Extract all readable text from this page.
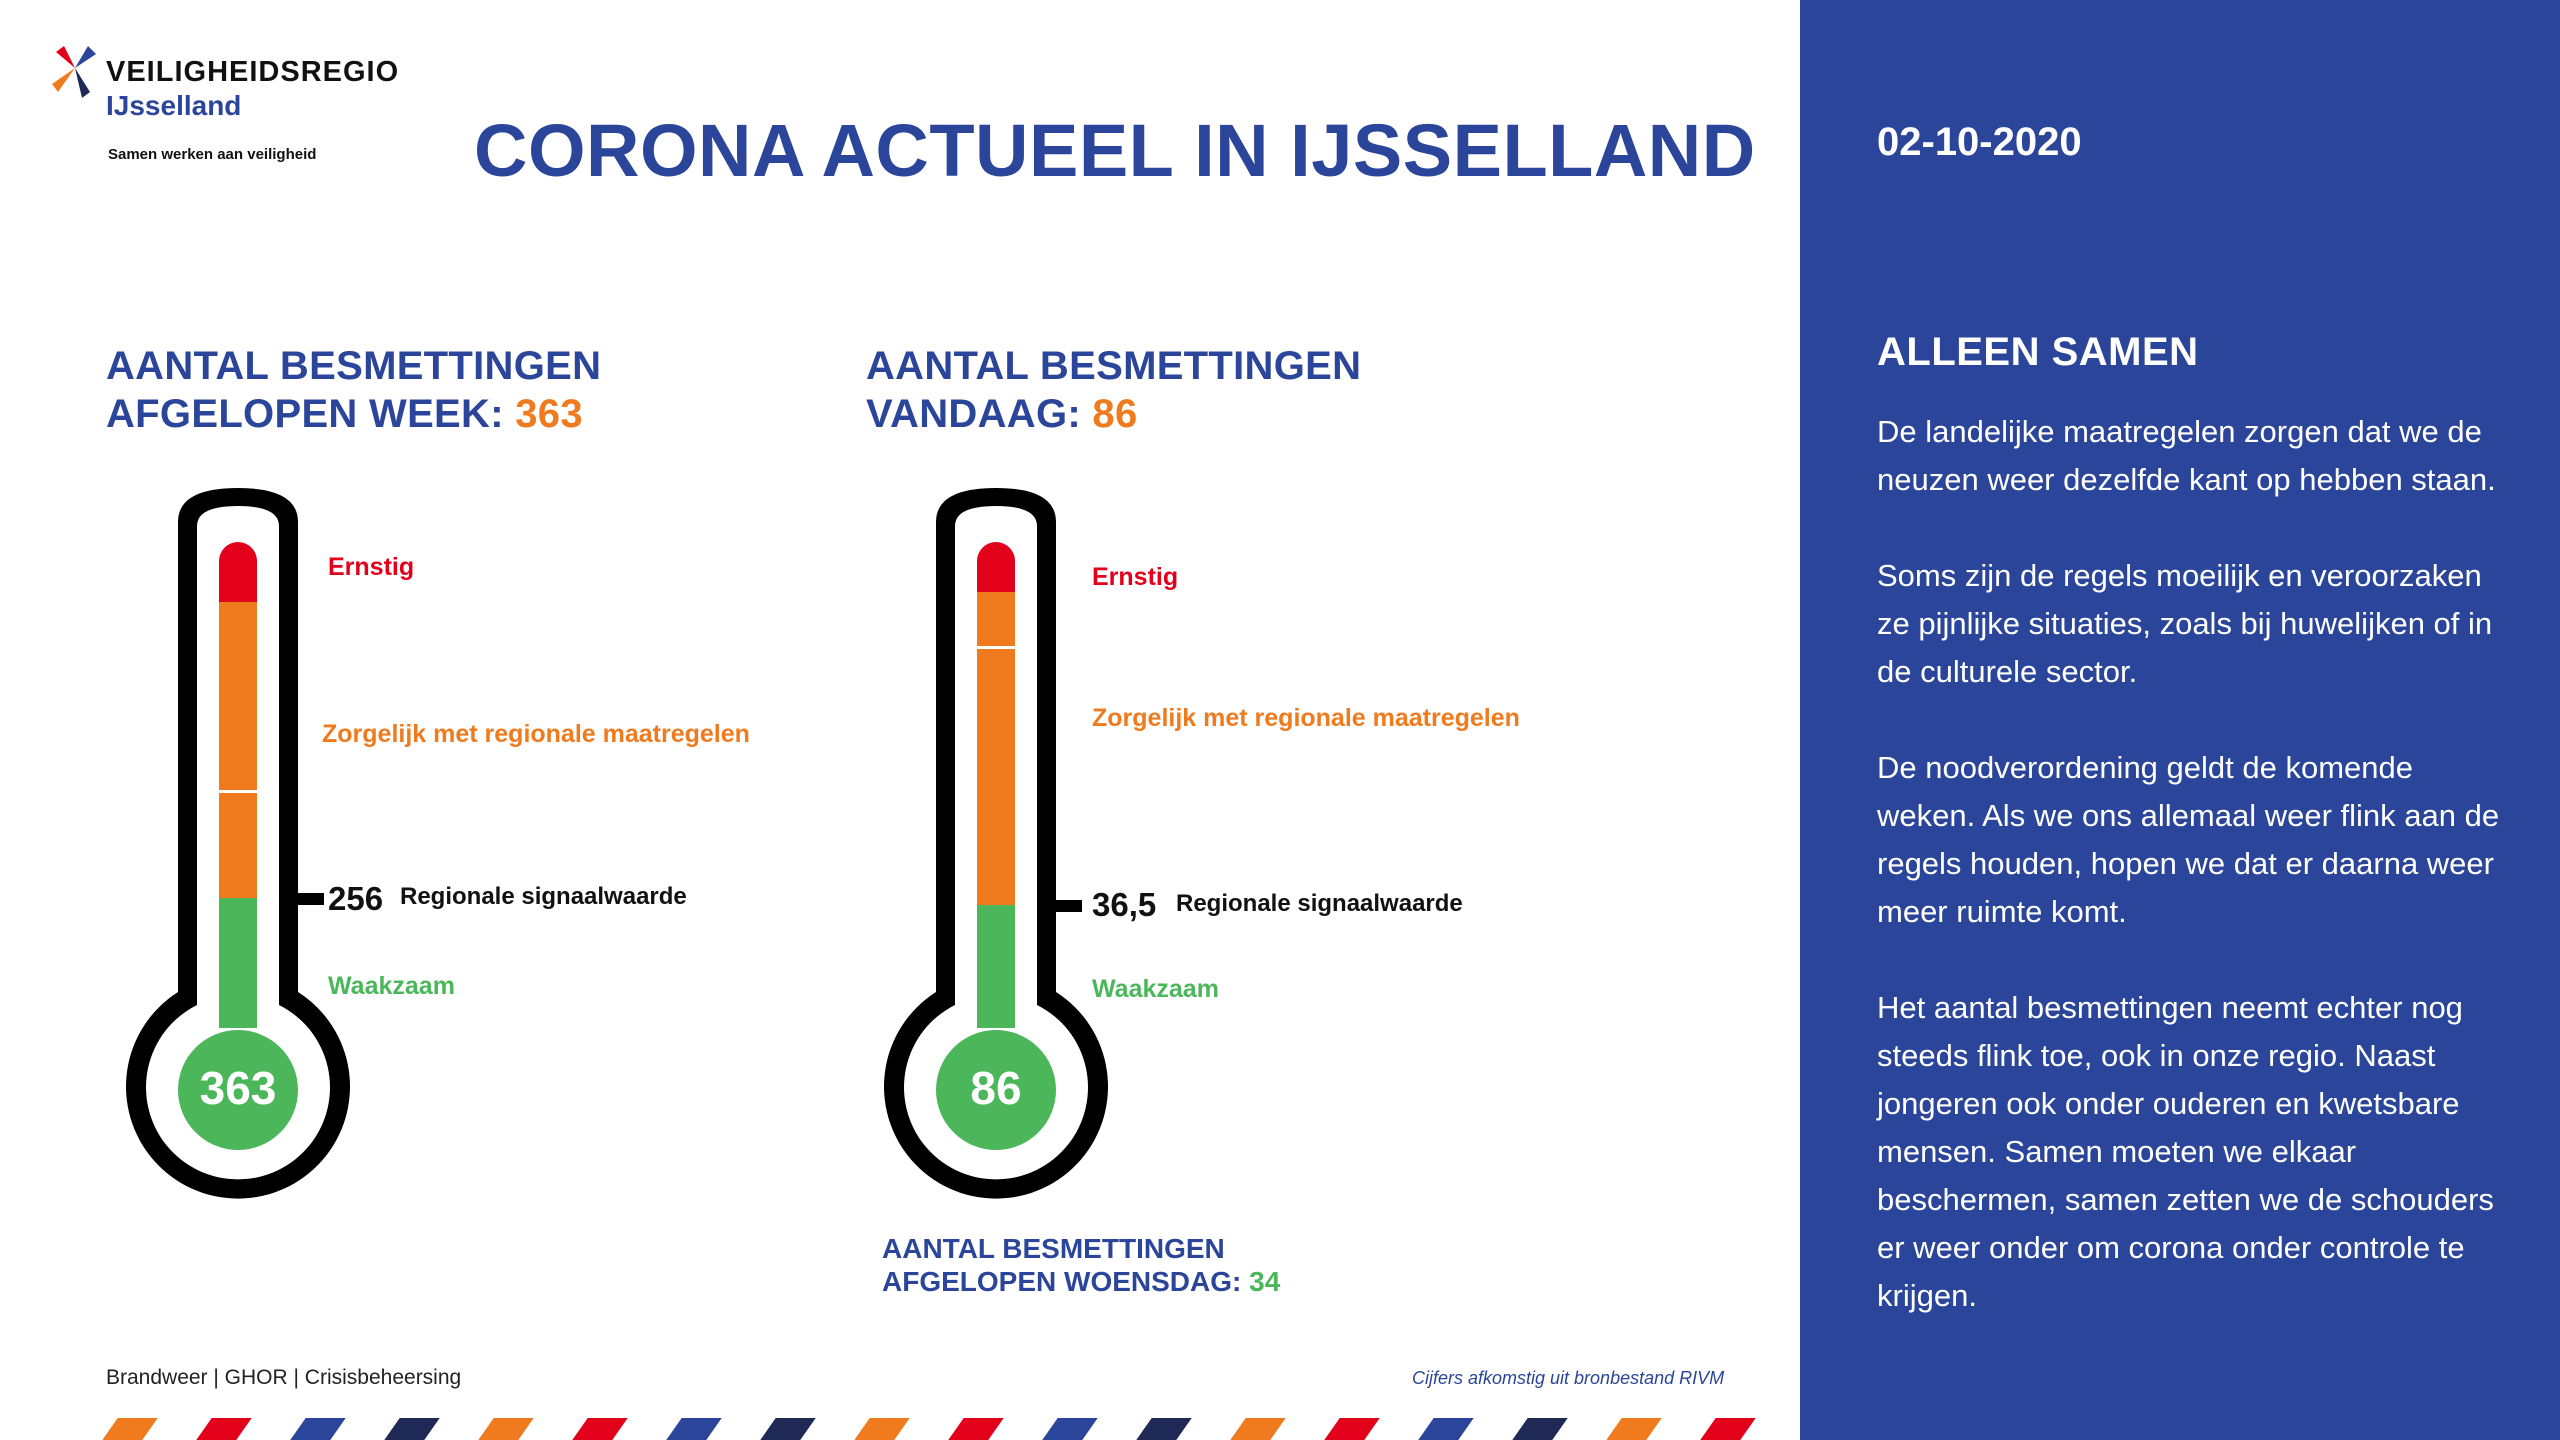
VEILIGHEIDSREGIO
IJsselland
Samen werken aan veiligheid CORONA ACTUEEL IN IJSSELLAND
AANTAL BESMETTINGEN
AFGELOPEN WEEK: 363
AANTAL BESMETTINGEN
VANDAAG: 86
Ernstig
Zorgelijk met regionale maatregelen
256 Regionale signaalwaarde
Waakzaam
363
Ernstig
Zorgelijk met regionale maatregelen
36,5 Regionale signaalwaarde
Waakzaam
86
AANTAL BESMETTINGEN
AFGELOPEN WOENSDAG: 34
Brandweer | GHOR | Crisisbeheersing	Cijfers afkomstig uit bronbestand RIVM
02-10-2020
ALLEEN SAMEN

De landelijke maatregelen zorgen dat we de neuzen weer dezelfde kant op hebben staan.

Soms zijn de regels moeilijk en veroorzaken ze pijnlijke situaties, zoals bij huwelijken of in de culturele sector.

De noodverordening geldt de komende weken. Als we ons allemaal weer flink aan de regels houden, hopen we dat er daarna weer meer ruimte komt.

Het aantal besmettingen neemt echter nog steeds flink toe, ook in onze regio. Naast jongeren ook onder ouderen en kwetsbare mensen. Samen moeten we elkaar beschermen, samen zetten we de schouders er weer onder om corona onder controle te krijgen.
